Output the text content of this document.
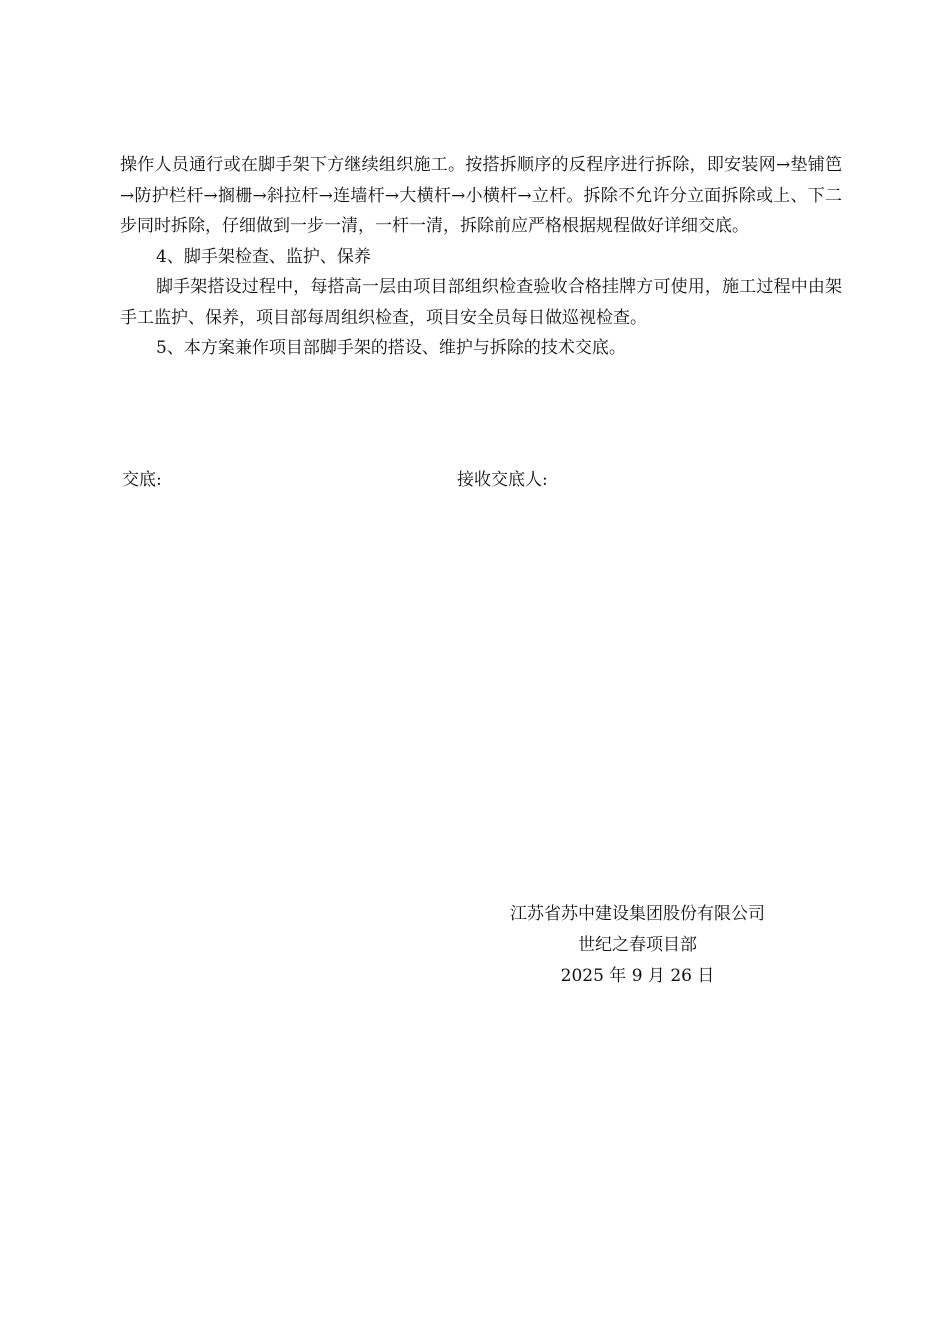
操作人员通行或在脚手架下方继续组织施工。按搭拆顺序的反程序进行拆除，即安装网→垫铺笆→防护栏杆→搁栅→斜拉杆→连墙杆→大横杆→小横杆→立杆。拆除不允许分立面拆除或上、下二步同时拆除，仔细做到一步一清，一杆一清，拆除前应严格根据规程做好详细交底。

4、脚手架检查、监护、保养

脚手架搭设过程中，每搭高一层由项目部组织检查验收合格挂牌方可使用，施工过程中由架手工监护、保养，项目部每周组织检查，项目安全员每日做巡视检查。

5、本方案兼作项目部脚手架的搭设、维护与拆除的技术交底。

交底:	接收交底人:
江苏省苏中建设集团股份有限公司
世纪之春项目部
2025 年 9 月 26 日
